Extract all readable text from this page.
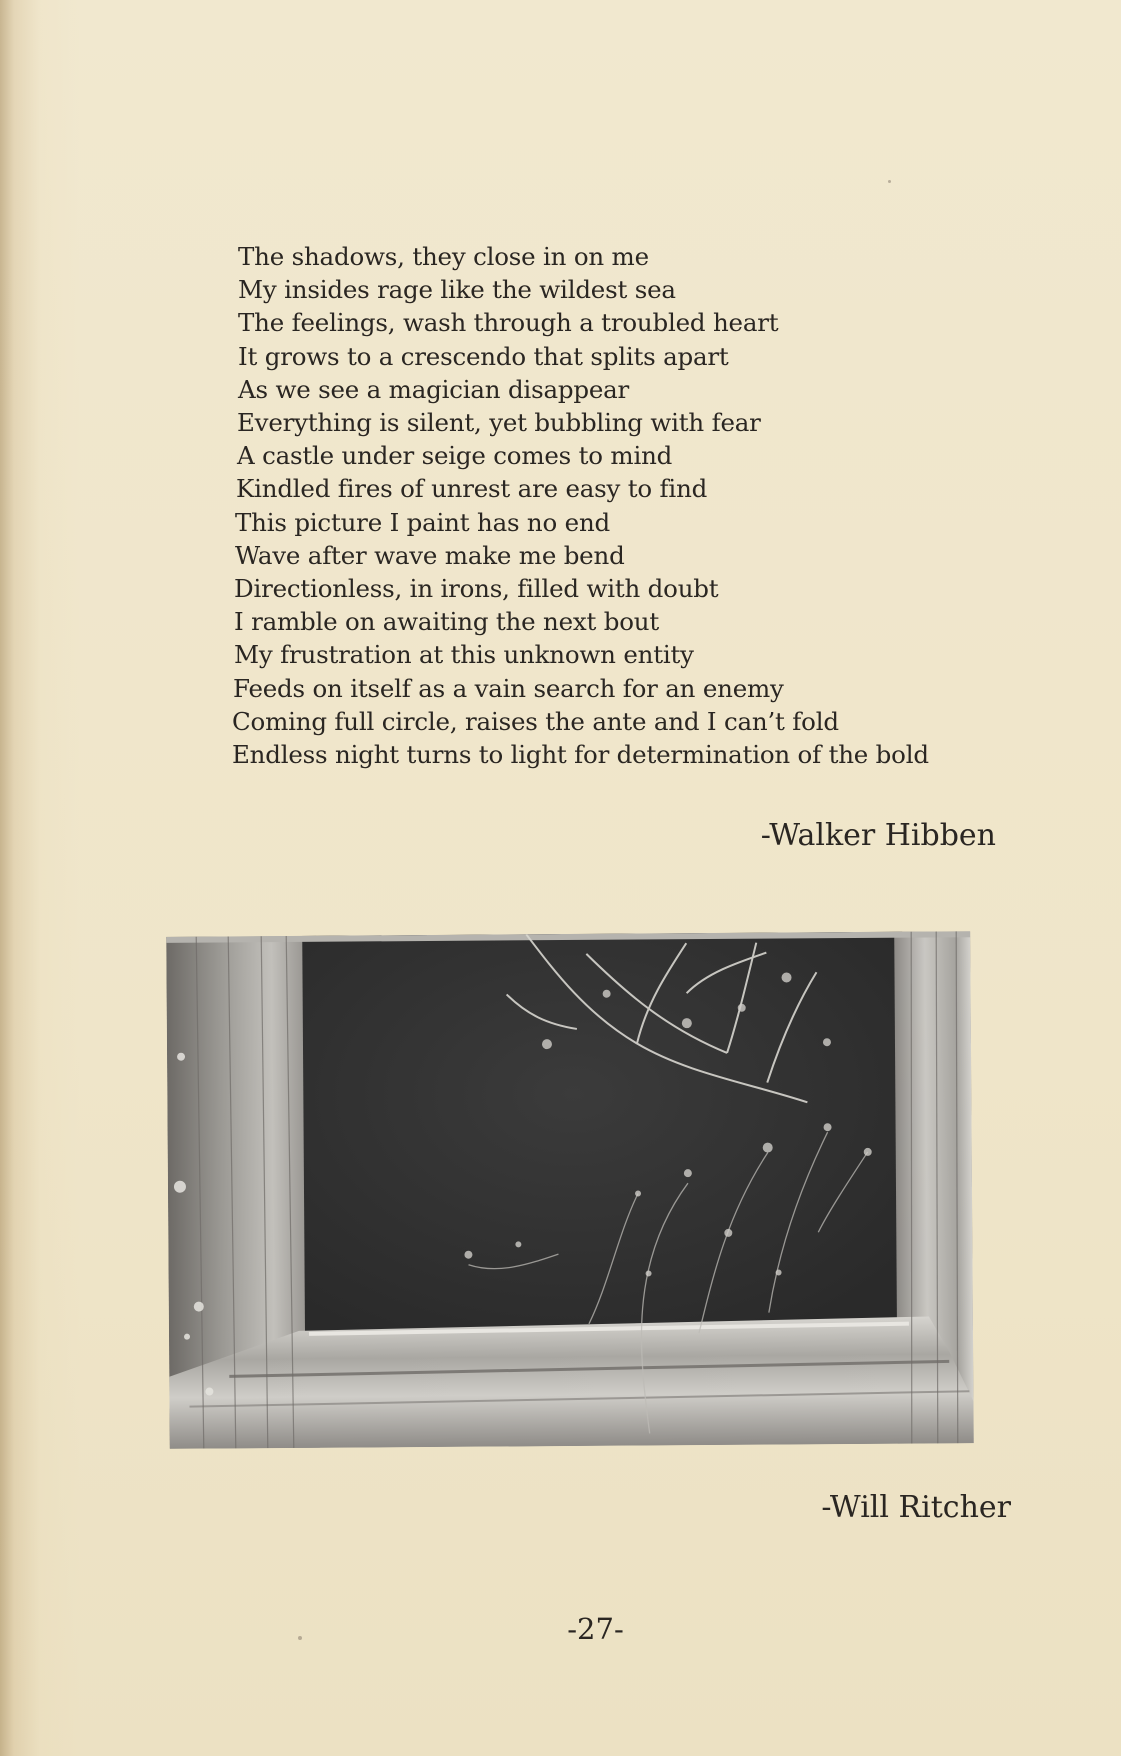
The shadows, they close in on me
My insides rage like the wildest sea
The feelings, wash through a troubled heart
It grows to a crescendo that splits apart
As we see a magician disappear
Everything is silent, yet bubbling with fear
A castle under seige comes to mind
Kindled fires of unrest are easy to find
This picture I paint has no end
Wave after wave make me bend
Directionless, in irons, filled with doubt
I ramble on awaiting the next bout
My frustration at this unknown entity
Feeds on itself as a vain search for an enemy
Coming full circle, raises the ante and I can’t fold
Endless night turns to light for determination of the bold
-Walker Hibben
-Will Ritcher
-27-
